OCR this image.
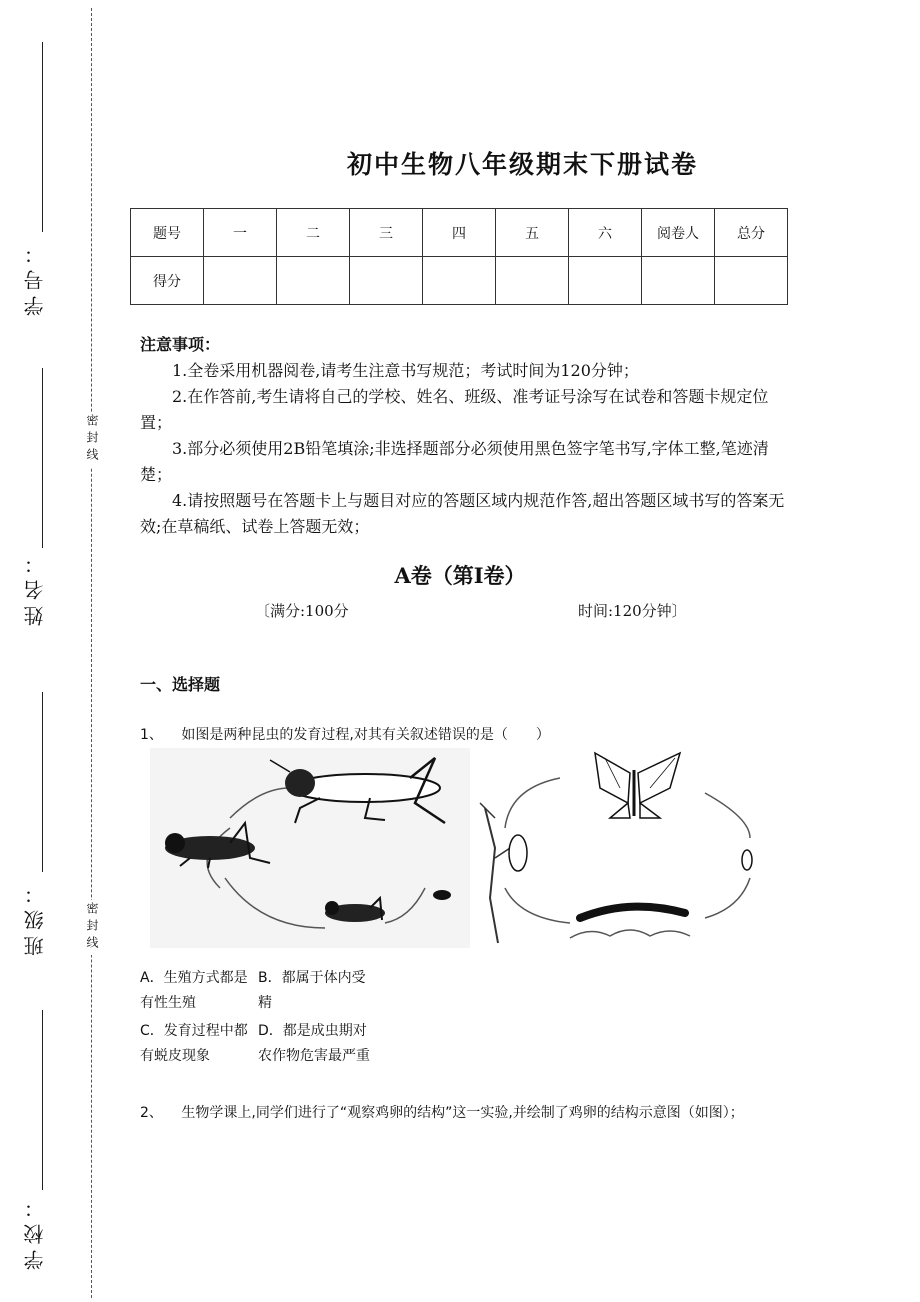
学号：
姓名：
班级：
学校：
密封线
密封线
初中生物八年级期末下册试卷
题号	一	二	三	四	五	六	阅卷人	总分
得分								
注意事项：

1.全卷采用机器阅卷,请考生注意书写规范；考试时间为120分钟；

2.在作答前,考生请将自己的学校、姓名、班级、准考证号涂写在试卷和答题卡规定位置；

3.部分必须使用2B铅笔填涂;非选择题部分必须使用黑色签字笔书写,字体工整,笔迹清楚；

4.请按照题号在答题卡上与题目对应的答题区域内规范作答,超出答题区域书写的答案无效;在草稿纸、试卷上答题无效；

A卷（第I卷）
〔满分:100分	时间:120分钟〕
一、选择题
1、 如图是两种昆虫的发育过程,对其有关叙述错误的是（　　）
A．生殖方式都是有性生殖
B．都属于体内受精
C．发育过程中都有蜕皮现象
D．都是成虫期对农作物危害最严重
2、 生物学课上,同学们进行了“观察鸡卵的结构”这一实验,并绘制了鸡卵的结构示意图（如图）；
